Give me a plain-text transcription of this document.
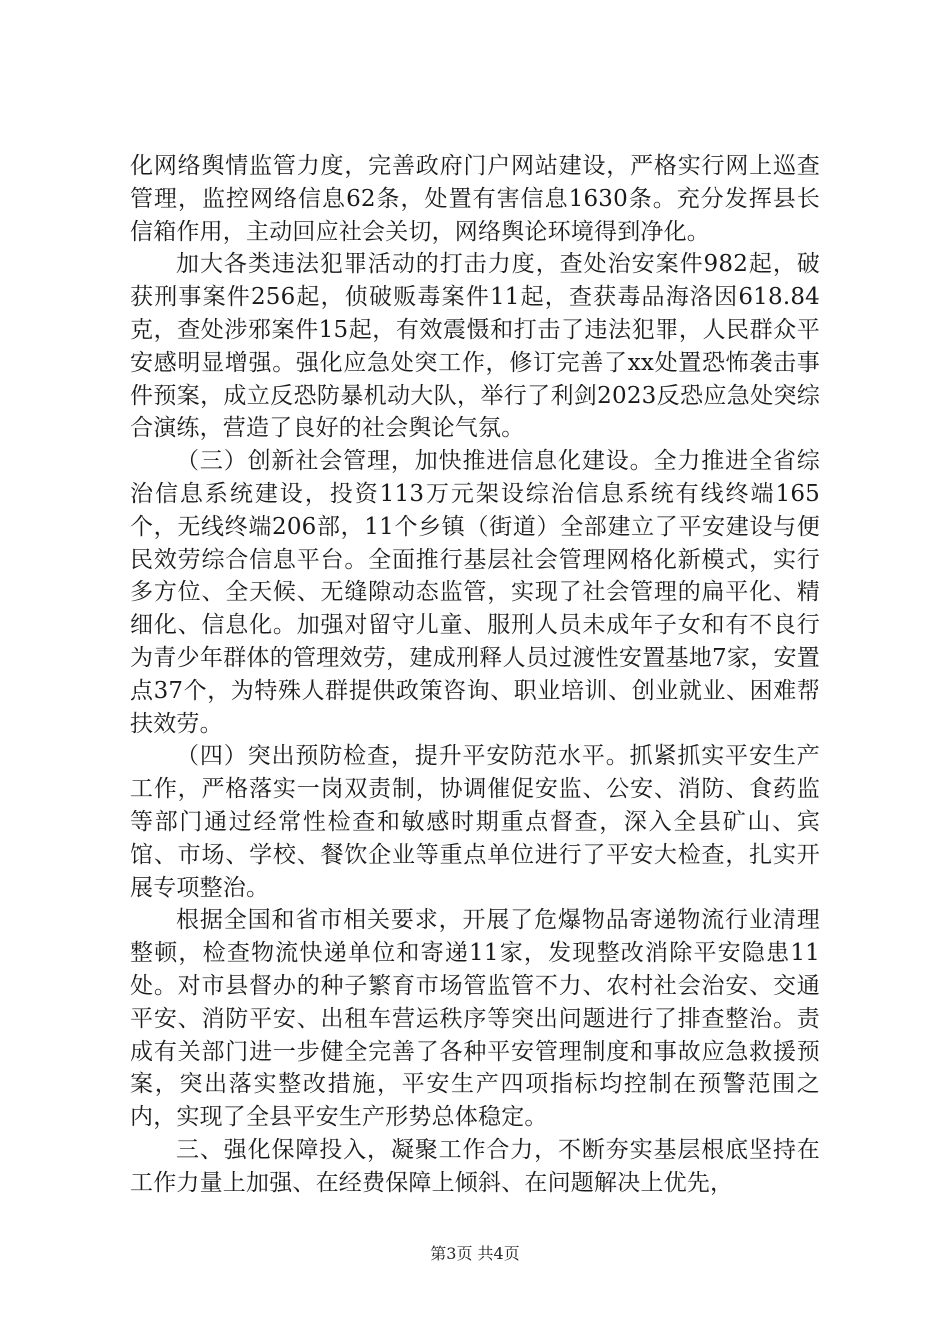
化网络舆情监管力度，完善政府门户网站建设，严格实行网上巡查管理，监控网络信息62条，处置有害信息1630条。充分发挥县长信箱作用，主动回应社会关切，网络舆论环境得到净化。

加大各类违法犯罪活动的打击力度，查处治安案件982起，破获刑事案件256起，侦破贩毒案件11起，查获毒品海洛因618.84克，查处涉邪案件15起，有效震慑和打击了违法犯罪，人民群众平安感明显增强。强化应急处突工作，修订完善了xx处置恐怖袭击事件预案，成立反恐防暴机动大队，举行了利剑2023反恐应急处突综合演练，营造了良好的社会舆论气氛。

（三）创新社会管理，加快推进信息化建设。全力推进全省综治信息系统建设，投资113万元架设综治信息系统有线终端165个，无线终端206部，11个乡镇（街道）全部建立了平安建设与便民效劳综合信息平台。全面推行基层社会管理网格化新模式，实行多方位、全天候、无缝隙动态监管，实现了社会管理的扁平化、精细化、信息化。加强对留守儿童、服刑人员未成年子女和有不良行为青少年群体的管理效劳，建成刑释人员过渡性安置基地7家，安置点37个，为特殊人群提供政策咨询、职业培训、创业就业、困难帮扶效劳。

（四）突出预防检查，提升平安防范水平。抓紧抓实平安生产工作，严格落实一岗双责制，协调催促安监、公安、消防、食药监等部门通过经常性检查和敏感时期重点督查，深入全县矿山、宾馆、市场、学校、餐饮企业等重点单位进行了平安大检查，扎实开展专项整治。

根据全国和省市相关要求，开展了危爆物品寄递物流行业清理整顿，检查物流快递单位和寄递11家，发现整改消除平安隐患11处。对市县督办的种子繁育市场管监管不力、农村社会治安、交通平安、消防平安、出租车营运秩序等突出问题进行了排查整治。责成有关部门进一步健全完善了各种平安管理制度和事故应急救援预案，突出落实整改措施，平安生产四项指标均控制在预警范围之内，实现了全县平安生产形势总体稳定。

三、强化保障投入，凝聚工作合力，不断夯实基层根底坚持在工作力量上加强、在经费保障上倾斜、在问题解决上优先，

第3页 共4页
